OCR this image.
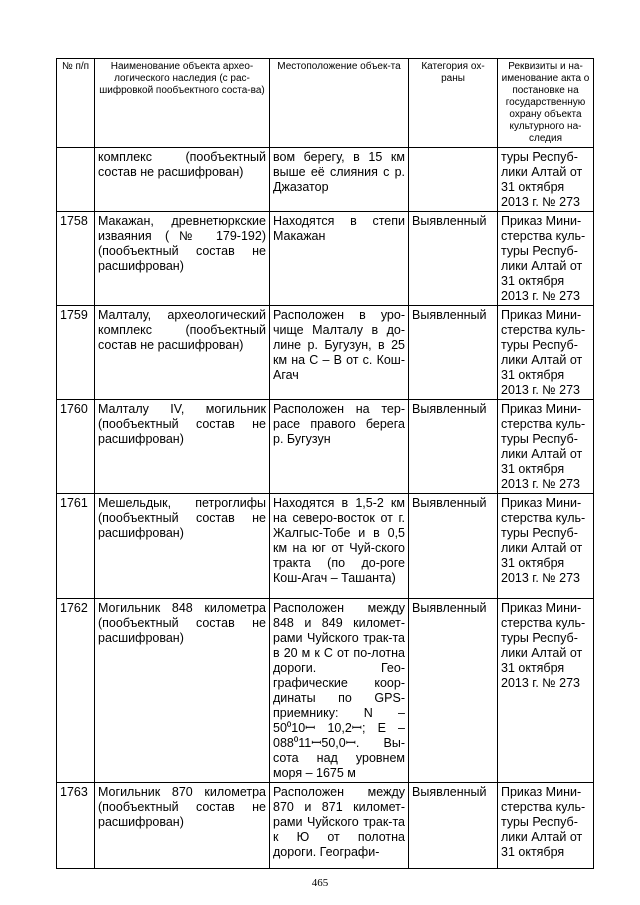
№ п/п	Наименование объекта архео-логического наследия (с рас-шифровкой пообъектного соста-ва)	Местоположение объек-та	Категория ох-раны	Реквизиты и на-именование акта о постановке на государственную охрану объекта культурного на-следия
	комплекс (пообъектный состав не расшифрован)	вом берегу, в 15 км выше её слияния с р. Джазатор		туры Респуб-лики Алтай от 31 октября 2013 г. № 273
1758	Макажан, древнетюркские изваяния (№ 179-192) (пообъектный состав не расшифрован)	Находятся в степи Макажан	Выявленный	Приказ Мини-стерства куль-туры Респуб-лики Алтай от 31 октября 2013 г. № 273
1759	Малталу, археологический комплекс (пообъектный состав не расшифрован)	Расположен в уро-чище Малталу в до-лине р. Бугузун, в 25 км на С – В от с. Кош-Агач	Выявленный	Приказ Мини-стерства куль-туры Респуб-лики Алтай от 31 октября 2013 г. № 273
1760	Малталу IV, могильник (пообъектный состав не расшифрован)	Расположен на тер-расе правого берега р. Бугузун	Выявленный	Приказ Мини-стерства куль-туры Респуб-лики Алтай от 31 октября 2013 г. № 273
1761	Мешельдык, петроглифы (пообъектный состав не расшифрован)	Находятся в 1,5-2 км на северо-восток от г. Жалгыс-Тобе и в 0,5 км на юг от Чуй-ского тракта (по до-роге Кош-Агач – Ташанта)	Выявленный	Приказ Мини-стерства куль-туры Респуб-лики Алтай от 31 октября 2013 г. № 273
1762	Могильник 848 километра (пообъектный состав не расшифрован)	Расположен между 848 и 849 километ-рами Чуйского трак-та в 20 м к С от по-лотна дороги. Гео-графические коор-динаты по GPS-приемнику: N – 50⁰10ꟷ 10,2ꟷ; E – 088⁰11ꟷ50,0ꟷ. Вы-сота над уровнем моря – 1675 м	Выявленный	Приказ Мини-стерства куль-туры Респуб-лики Алтай от 31 октября 2013 г. № 273
1763	Могильник 870 километра (пообъектный состав не расшифрован)	Расположен между 870 и 871 километ-рами Чуйского трак-та к Ю от полотна дороги. Географи-	Выявленный	Приказ Мини-стерства куль-туры Респуб-лики Алтай от 31 октября
465
